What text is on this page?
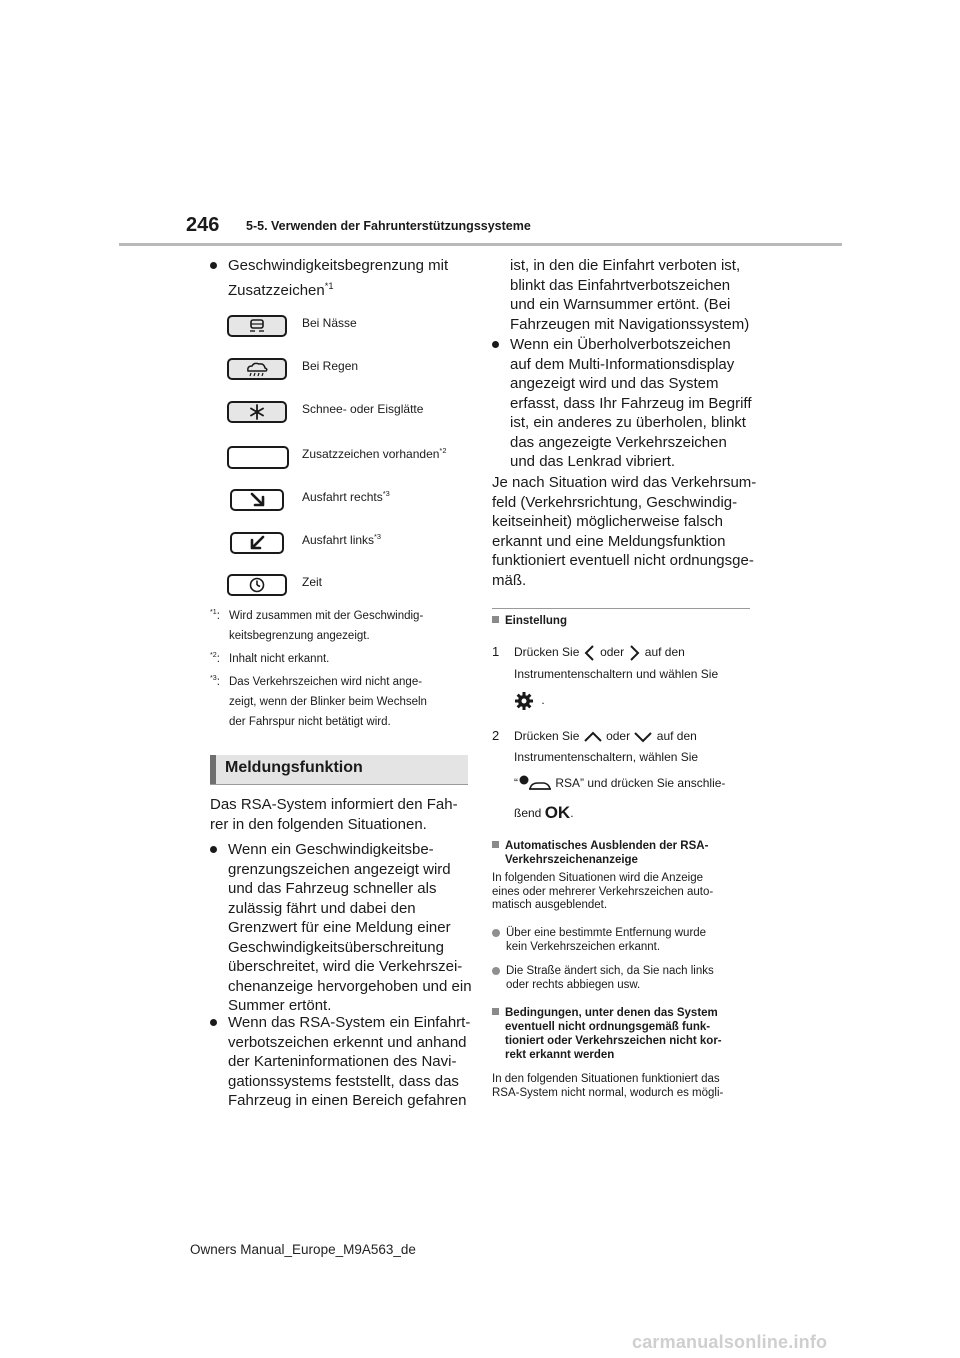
246 5-5. Verwenden der Fahrunterstützungssysteme
Geschwindigkeitsbegrenzung mit
Zusatzzeichen$^{*1}$
Bei Nässe
Bei Regen
Schnee- oder Eisglätte
Zusatzzeichen vorhanden$^{*2}$
Ausfahrt rechts$^{*3}$
Ausfahrt links$^{*3}$
Zeit
$^{*1}$: Wird zusammen mit der Geschwindig-
keitsbegrenzung angezeigt.
$^{*2}$: Inhalt nicht erkannt.
$^{*3}$: Das Verkehrszeichen wird nicht ange-
zeigt, wenn der Blinker beim Wechseln
der Fahrspur nicht betätigt wird.
Meldungsfunktion
Das RSA-System informiert den Fah-
rer in den folgenden Situationen.
Wenn ein Geschwindigkeitsbe-
grenzungszeichen angezeigt wird
und das Fahrzeug schneller als
zulässig fährt und dabei den
Grenzwert für eine Meldung einer
Geschwindigkeitsüberschreitung
überschreitet, wird die Verkehrszei-
chenanzeige hervorgehoben und ein
Summer ertönt.
Wenn das RSA-System ein Einfahrt-
verbotszeichen erkennt und anhand
der Karteninformationen des Navi-
gationssystems feststellt, dass das
Fahrzeug in einen Bereich gefahren
ist, in den die Einfahrt verboten ist,
blinkt das Einfahrtverbotszeichen
und ein Warnsummer ertönt. (Bei
Fahrzeugen mit Navigationssystem)
Wenn ein Überholverbotszeichen
auf dem Multi-Informationsdisplay
angezeigt wird und das System
erfasst, dass Ihr Fahrzeug im Begriff
ist, ein anderes zu überholen, blinkt
das angezeigte Verkehrszeichen
und das Lenkrad vibriert.
Je nach Situation wird das Verkehrsum-
feld (Verkehrsrichtung, Geschwindig-
keitseinheit) möglicherweise falsch
erkannt und eine Meldungsfunktion
funktioniert eventuell nicht ordnungsge-
mäß.
Einstellung
1 Drücken Sie oder auf den
Instrumentenschaltern und wählen Sie
.
2 Drücken Sie oder auf den
Instrumentenschaltern, wählen Sie
“	RSA” und drücken Sie anschlie-
ßend OK.
Automatisches Ausblenden der RSA-
Verkehrszeichenanzeige
In folgenden Situationen wird die Anzeige
eines oder mehrerer Verkehrszeichen auto-
matisch ausgeblendet.
Über eine bestimmte Entfernung wurde
kein Verkehrszeichen erkannt.
Die Straße ändert sich, da Sie nach links
oder rechts abbiegen usw.
Bedingungen, unter denen das System
eventuell nicht ordnungsgemäß funk-
tioniert oder Verkehrszeichen nicht kor-
rekt erkannt werden
In den folgenden Situationen funktioniert das
RSA-System nicht normal, wodurch es mögli-
Owners Manual_Europe_M9A563_de
carmanualsonline.info
